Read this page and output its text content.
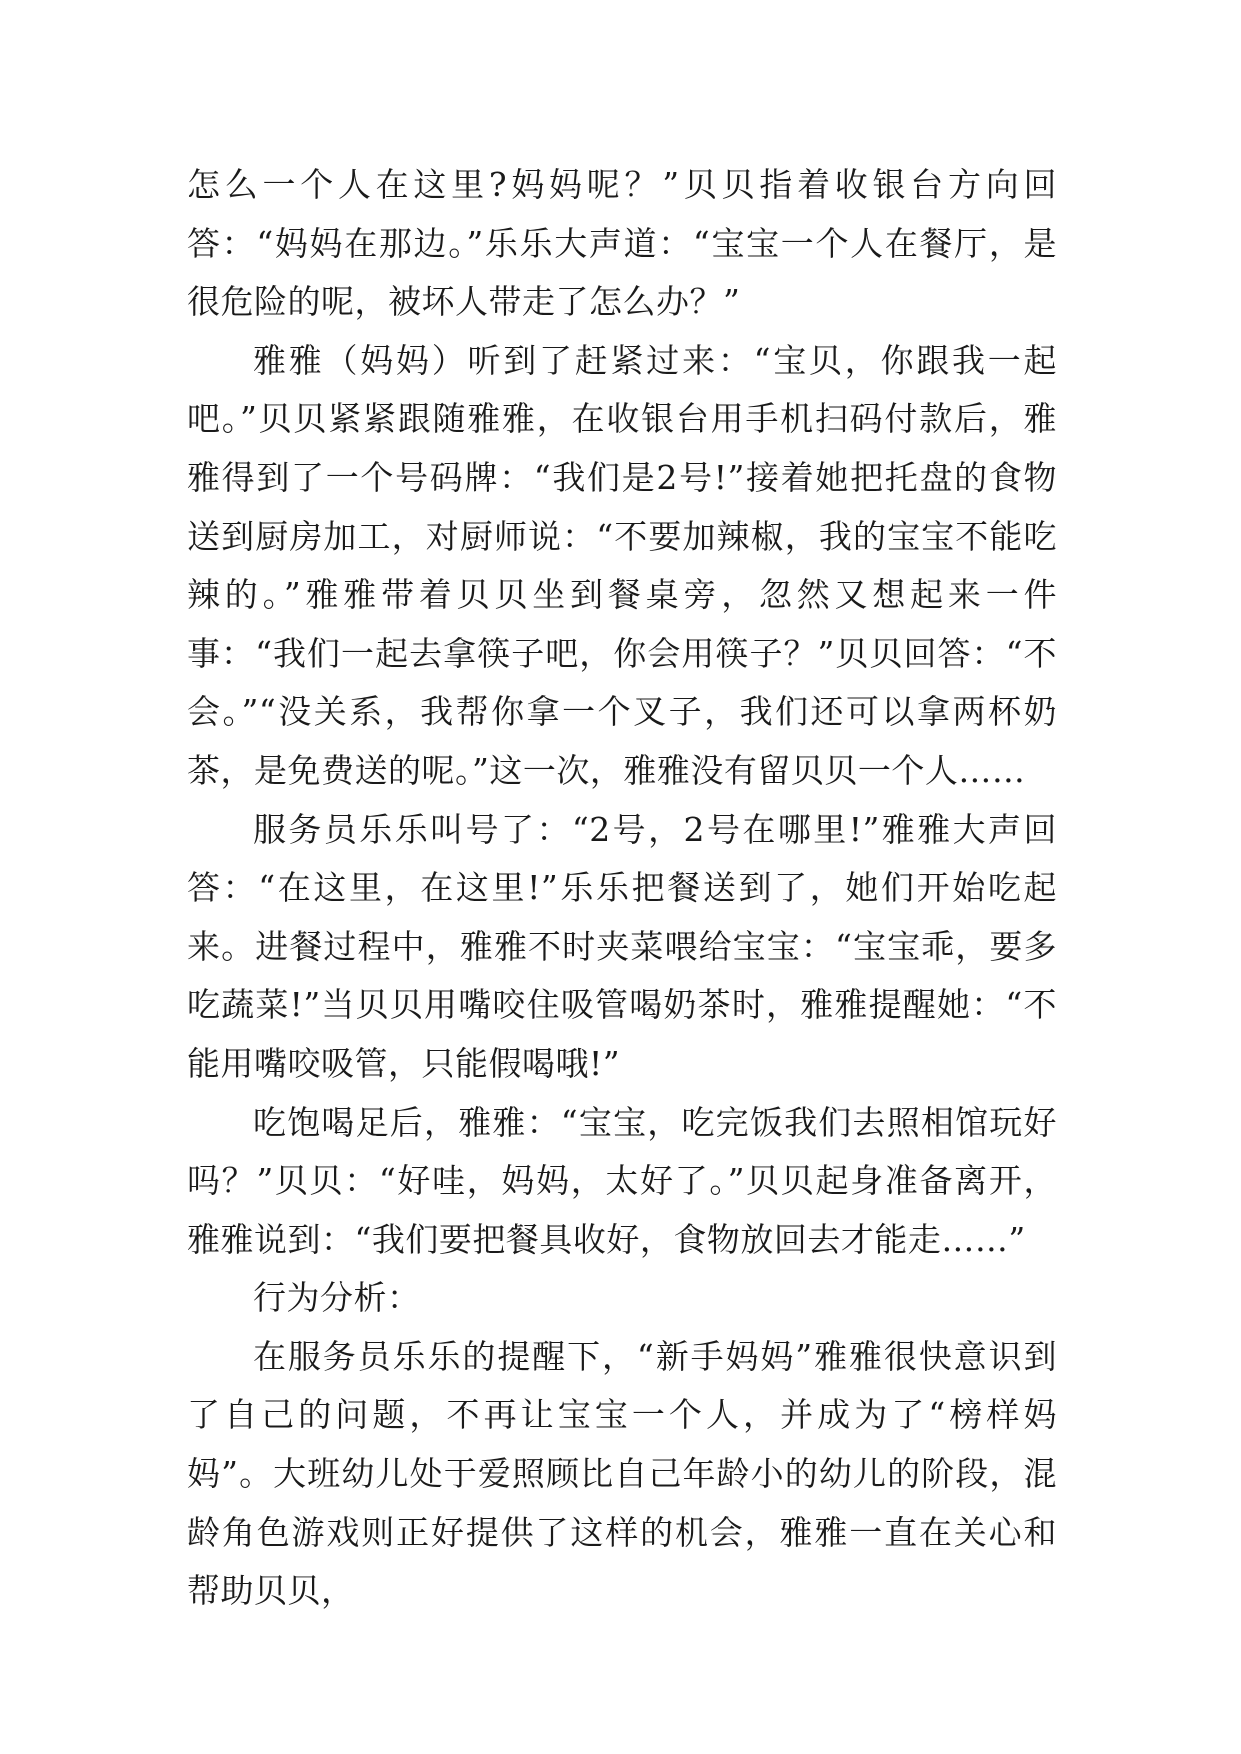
怎么一个人在这里?妈妈呢？”贝贝指着收银台方向回答：“妈妈在那边。”乐乐大声道：“宝宝一个人在餐厅，是很危险的呢，被坏人带走了怎么办？”

雅雅（妈妈）听到了赶紧过来：“宝贝，你跟我一起吧。”贝贝紧紧跟随雅雅，在收银台用手机扫码付款后，雅雅得到了一个号码牌：“我们是2号!”接着她把托盘的食物送到厨房加工，对厨师说：“不要加辣椒，我的宝宝不能吃辣的。”雅雅带着贝贝坐到餐桌旁，忽然又想起来一件事：“我们一起去拿筷子吧，你会用筷子？”贝贝回答：“不会。”“没关系，我帮你拿一个叉子，我们还可以拿两杯奶茶，是免费送的呢。”这一次，雅雅没有留贝贝一个人……

服务员乐乐叫号了：“2号，2号在哪里!”雅雅大声回答：“在这里，在这里!”乐乐把餐送到了，她们开始吃起来。进餐过程中，雅雅不时夹菜喂给宝宝：“宝宝乖，要多吃蔬菜!”当贝贝用嘴咬住吸管喝奶茶时，雅雅提醒她：“不能用嘴咬吸管，只能假喝哦!”

吃饱喝足后，雅雅：“宝宝，吃完饭我们去照相馆玩好吗？”贝贝：“好哇，妈妈，太好了。”贝贝起身准备离开，雅雅说到：“我们要把餐具收好，食物放回去才能走……”

行为分析：

在服务员乐乐的提醒下，“新手妈妈”雅雅很快意识到了自己的问题，不再让宝宝一个人，并成为了“榜样妈妈”。大班幼儿处于爱照顾比自己年龄小的幼儿的阶段，混龄角色游戏则正好提供了这样的机会，雅雅一直在关心和帮助贝贝，
